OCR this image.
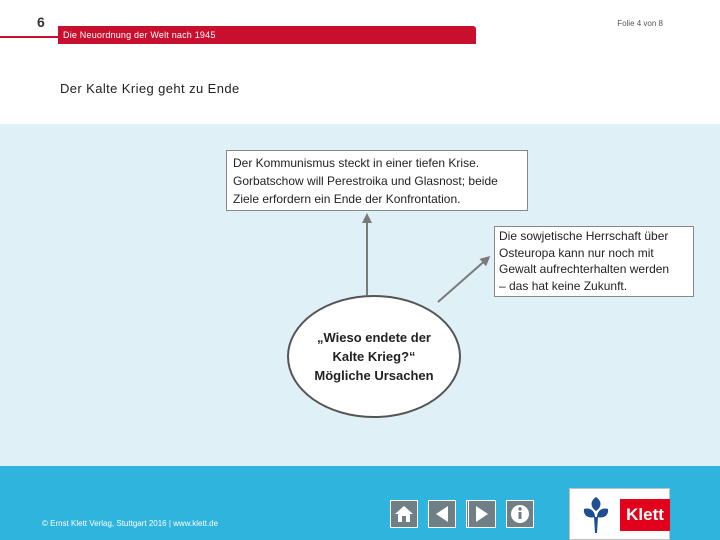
6
Die Neuordnung der Welt nach 1945
Folie 4 von 8
Der Kalte Krieg geht zu Ende
Der Kommunismus steckt in einer tiefen Krise.
Gorbatschow will Perestroika und Glasnost; beide
Ziele erfordern ein Ende der Konfrontation.
Die sowjetische Herrschaft über
Osteuropa kann nur noch mit
Gewalt aufrechterhalten werden
– das hat keine Zukunft.
„Wieso endete der
Kalte Krieg?“
Mögliche Ursachen
© Ernst Klett Verlag, Stuttgart 2016 | www.klett.de	Klett
